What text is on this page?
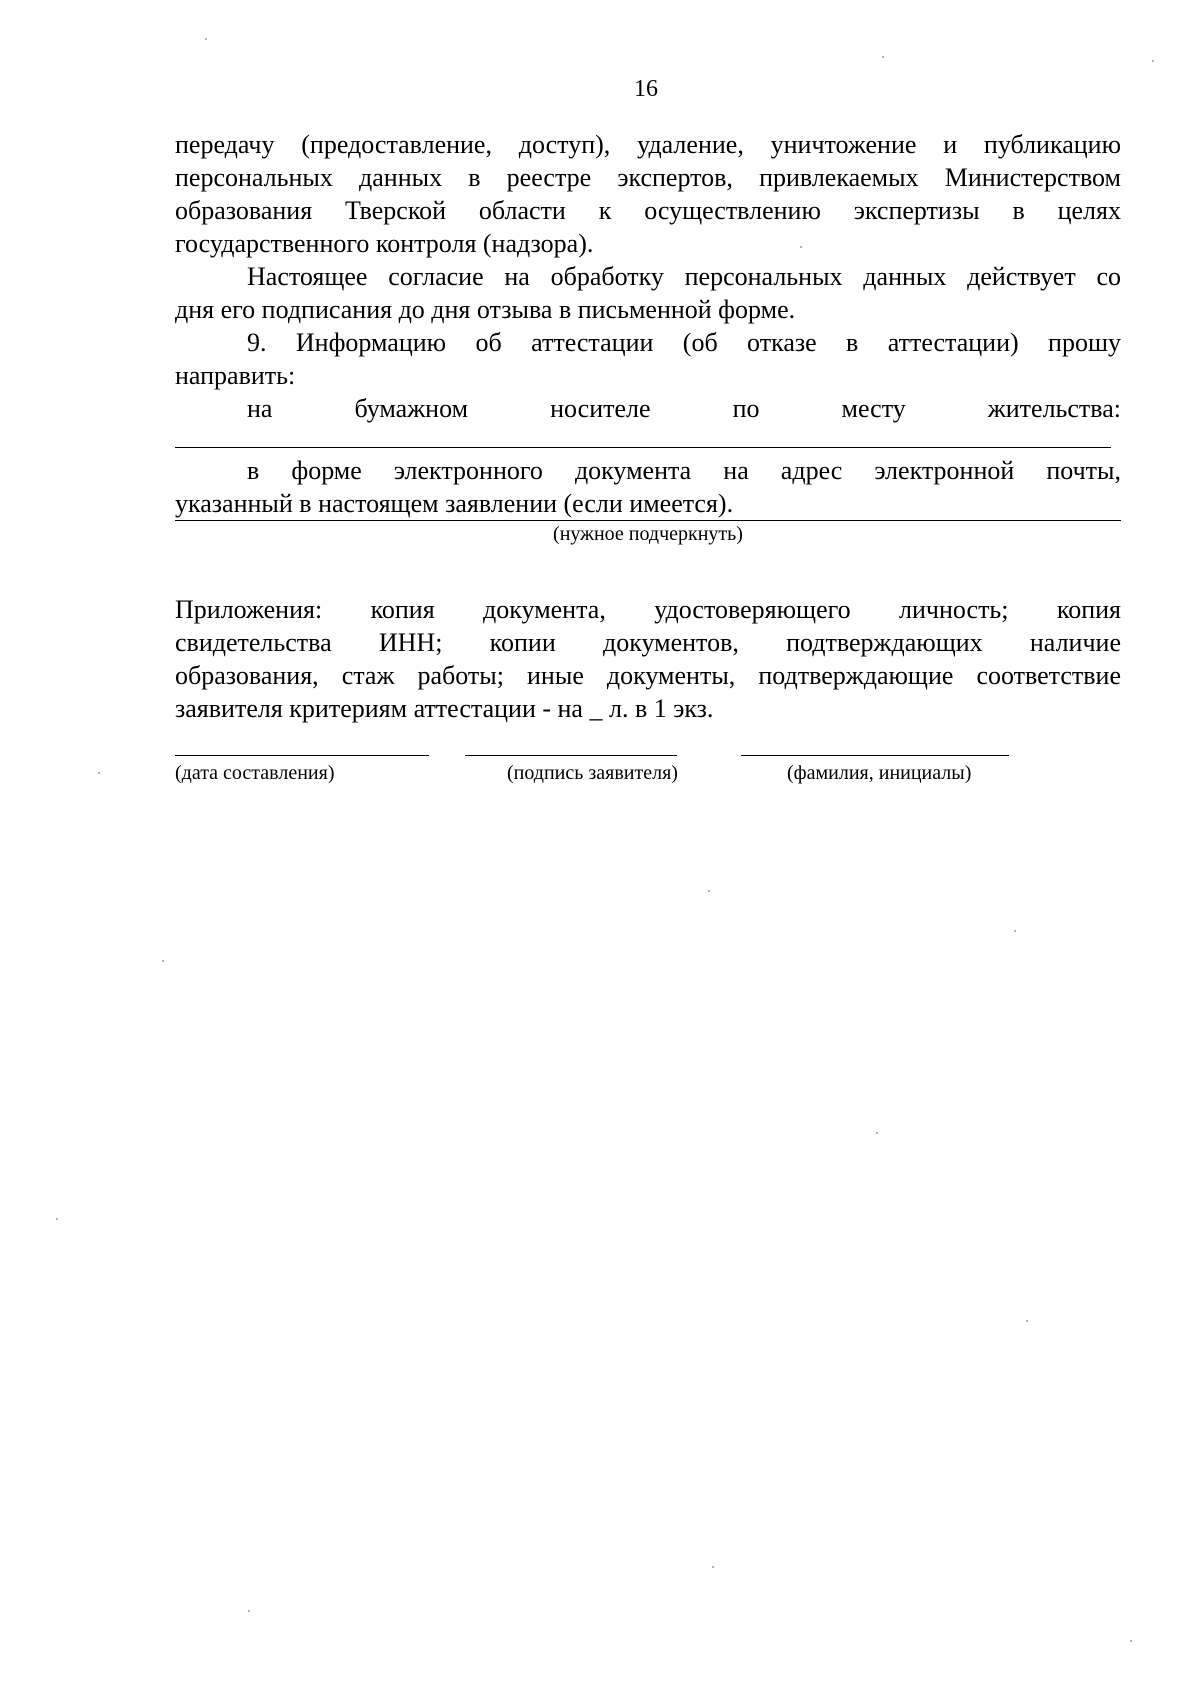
16
передачу (предоставление, доступ), удаление, уничтожение и публикацию
персональных данных в реестре экспертов, привлекаемых Министерством
образования Тверской области к осуществлению экспертизы в целях
государственного контроля (надзора).
Настоящее согласие на обработку персональных данных действует со
дня его подписания до дня отзыва в письменной форме.
9. Информацию об аттестации (об отказе в аттестации) прошу
направить:
на бумажном носителе по месту жительства:
в форме электронного документа на адрес электронной почты,
указанный в настоящем заявлении (если имеется).
(нужное подчеркнуть)
Приложения: копия документа, удостоверяющего личность; копия
свидетельства ИНН; копии документов, подтверждающих наличие
образования, стаж работы; иные документы, подтверждающие соответствие
заявителя критериям аттестации - на _ л. в 1 экз.
(дата составления)	(подпись заявителя)	(фамилия, инициалы)
